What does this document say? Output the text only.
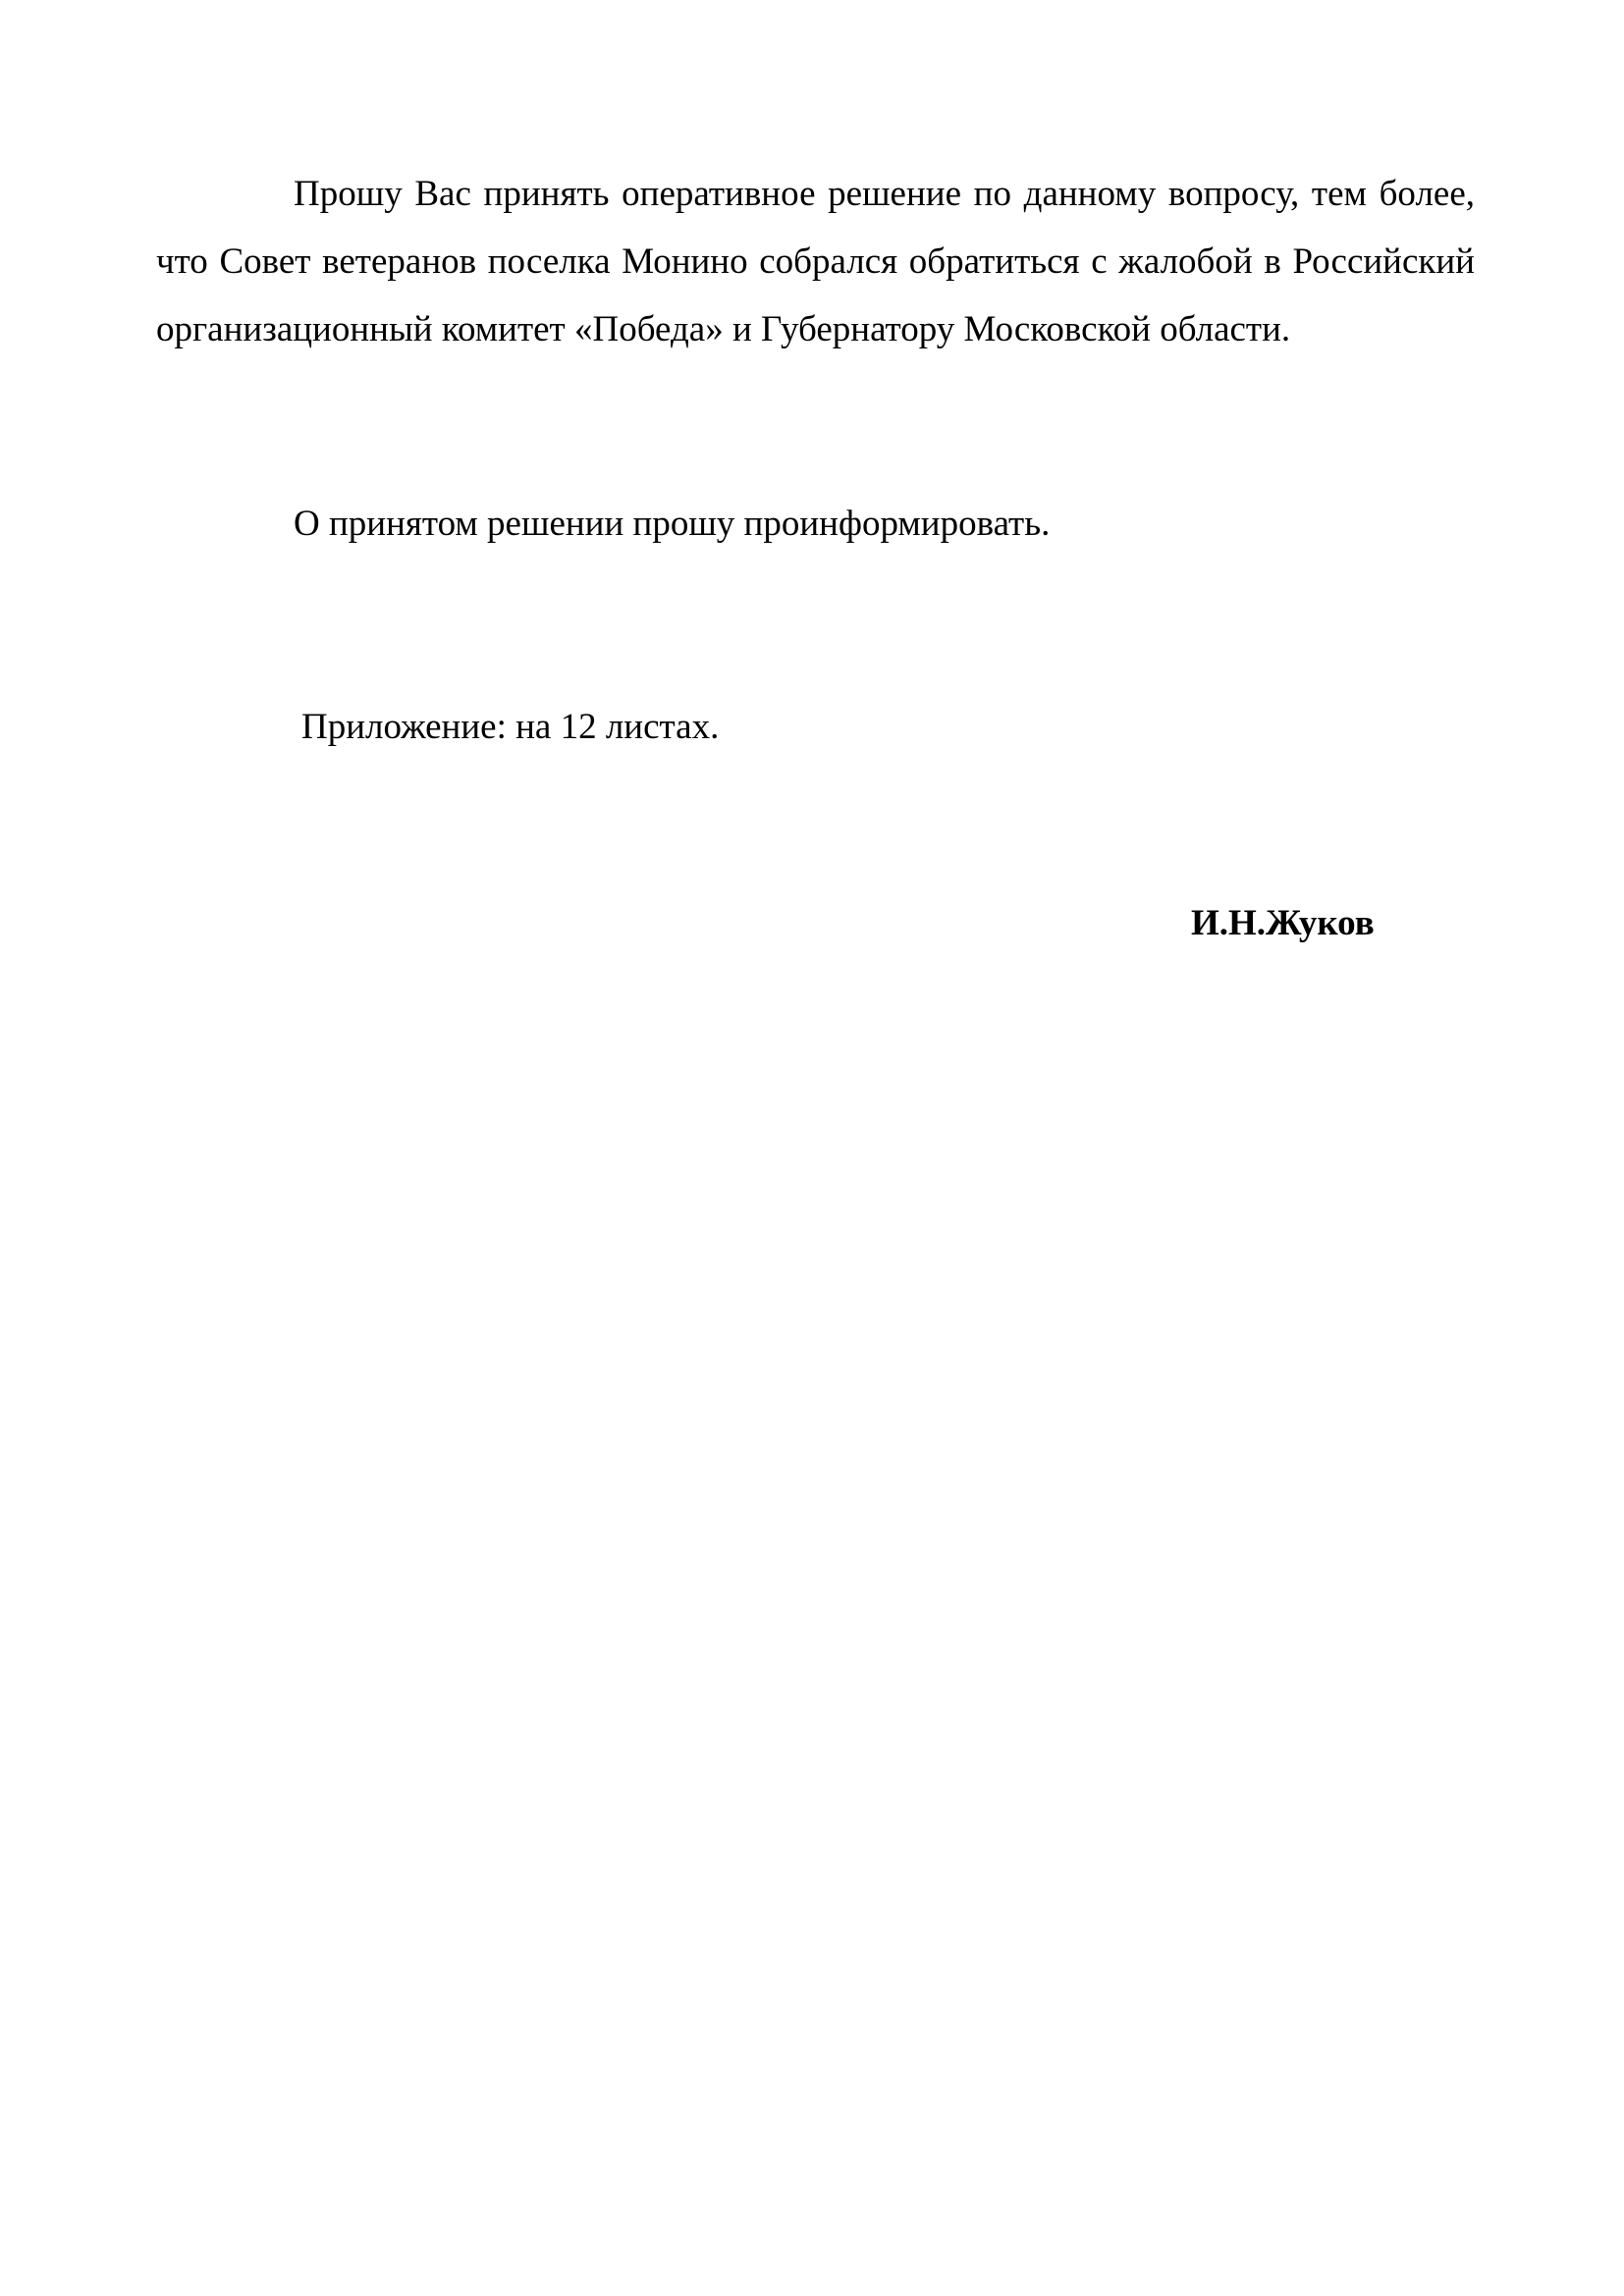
Прошу Вас принять оперативное решение по данному вопросу, тем более, что Совет ветеранов поселка Монино собрался обратиться с жалобой в Российский организационный комитет «Победа» и Губернатору Московской области.

О принятом решении прошу проинформировать.

Приложение: на 12 листах.

И.Н.Жуков
